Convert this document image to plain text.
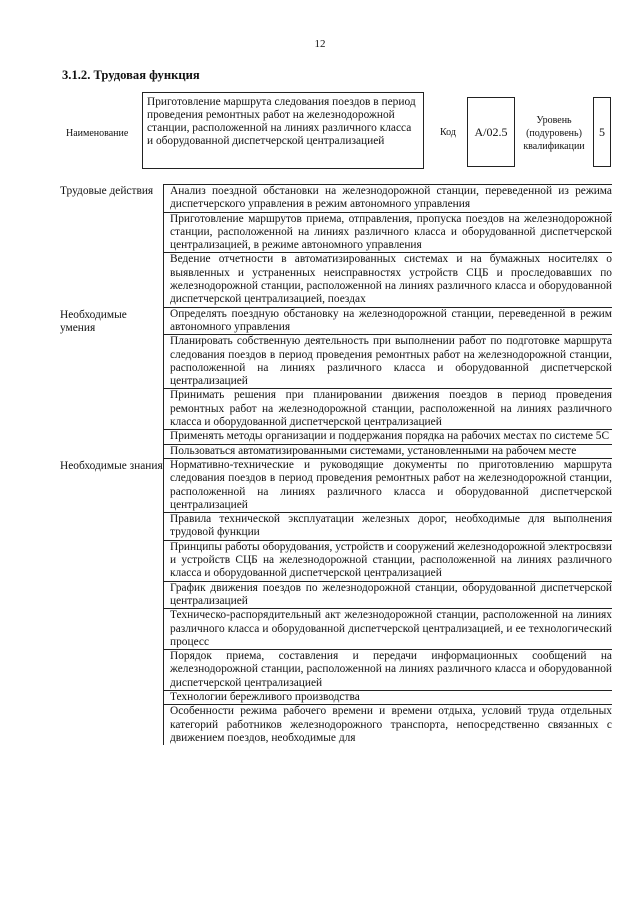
12
3.1.2. Трудовая функция
Наименование
Приготовление маршрута следования поездов в период проведения ремонтных работ на железнодорожной станции, расположенной на линиях различного класса и оборудованной диспетчерской централизацией
Код	A/02.5
Уровень (подуровень) квалификации
5
Трудовые действия	Анализ поездной обстановки на железнодорожной станции, переведенной из режима диспетчерского управления в режим автономного управления
Приготовление маршрутов приема, отправления, пропуска поездов на железнодорожной станции, расположенной на линиях различного класса и оборудованной диспетчерской централизацией, в режиме автономного управления
Ведение отчетности в автоматизированных системах и на бумажных носителях о выявленных и устраненных неисправностях устройств СЦБ и проследовавших по железнодорожной станции, расположенной на линиях различного класса и оборудованной диспетчерской централизацией, поездах
Необходимые умения
Определять поездную обстановку на железнодорожной станции, переведенной в режим автономного управления
Планировать собственную деятельность при выполнении работ по подготовке маршрута следования поездов в период проведения ремонтных работ на железнодорожной станции, расположенной на линиях различного класса и оборудованной диспетчерской централизацией
Принимать решения при планировании движения поездов в период проведения ремонтных работ на железнодорожной станции, расположенной на линиях различного класса и оборудованной диспетчерской централизацией
Применять методы организации и поддержания порядка на рабочих местах по системе 5С
Пользоваться автоматизированными системами, установленными на рабочем месте
Необходимые знания Нормативно-технические и руководящие документы по приготовлению маршрута следования поездов в период проведения ремонтных работ на железнодорожной станции, расположенной на линиях различного класса и оборудованной диспетчерской централизацией
Правила технической эксплуатации железных дорог, необходимые для выполнения трудовой функции
Принципы работы оборудования, устройств и сооружений железнодорожной электросвязи и устройств СЦБ на железнодорожной станции, расположенной на линиях различного класса и оборудованной диспетчерской централизацией
График движения поездов по железнодорожной станции, оборудованной диспетчерской централизацией
Техническо-распорядительный акт железнодорожной станции, расположенной на линиях различного класса и оборудованной диспетчерской централизацией, и ее технологический процесс
Порядок приема, составления и передачи информационных сообщений на железнодорожной станции, расположенной на линиях различного класса и оборудованной диспетчерской централизацией
Технологии бережливого производства
Особенности режима рабочего времени и времени отдыха, условий труда отдельных категорий работников железнодорожного транспорта, непосредственно связанных с движением поездов, необходимые для
